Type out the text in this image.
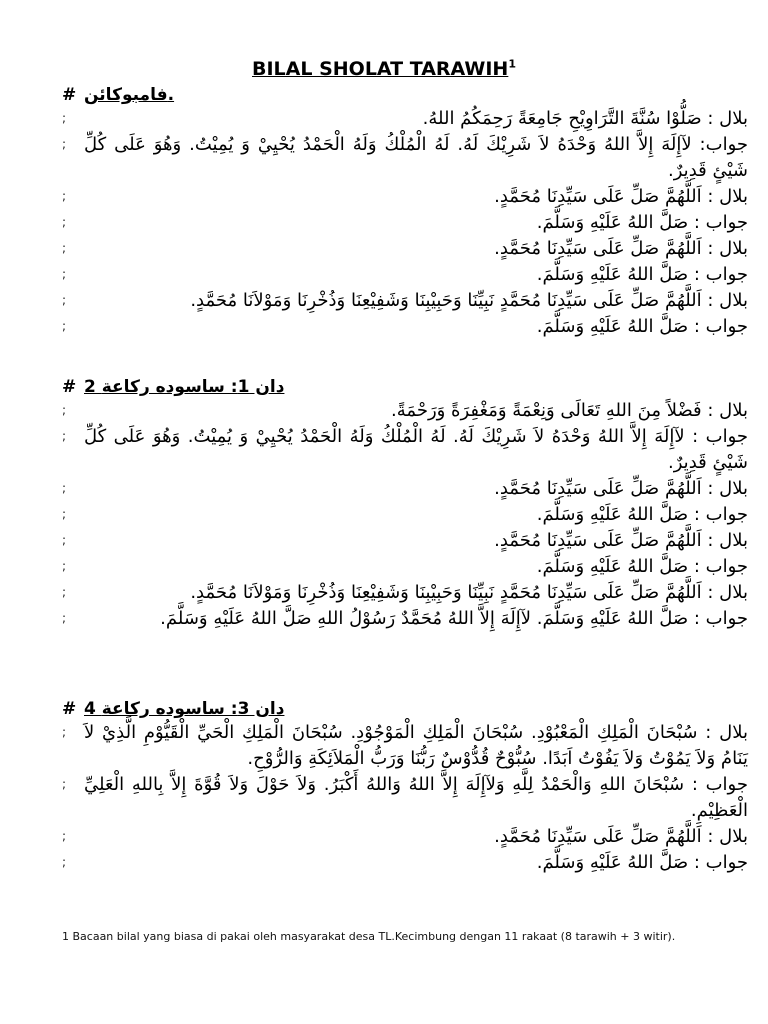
BILAL SHOLAT TARAWIH$^1$
# فامبوكائن.
;	بلال : صَلُّوْا سُنَّةَ التَّرَاوِيْحِ جَامِعَةً رَحِمَكُمُ اللهُ.
; جواب: لآإِلَهَ إِلاَّ اللهُ وَحْدَهُ لاَ شَرِيْكَ لَهُ. لَهُ الْمُلْكُ وَلَهُ الْحَمْدُ يُحْيِيْ وَ يُمِيْتُ. وَهُوَ عَلَى كُلِّ شَيْئٍ قَدِيرٌ.
;	بلال : اَللَّهُمَّ صَلِّ عَلَى سَيِّدِنَا مُحَمَّدٍ.
;	جواب : صَلَّ اللهُ عَلَيْهِ وَسَلَّمَ.
;	بلال : اَللَّهُمَّ صَلِّ عَلَى سَيِّدِنَا مُحَمَّدٍ.
;	جواب : صَلَّ اللهُ عَلَيْهِ وَسَلَّمَ.
;	بلال : اَللَّهُمَّ صَلِّ عَلَى سَيِّدِنَا مُحَمَّدٍ نَبِيِّنَا وَحَبِيْبِنَا وَشَفِيْعِنَا وَذُخْرِنَا وَمَوْلاَنَا مُحَمَّدٍ.
;	جواب : صَلَّ اللهُ عَلَيْهِ وَسَلَّمَ.
# 2 دان 1: ساسوده ركاعة
;	بلال : فَضْلاً مِنَ اللهِ تَعَالَى وَنِعْمَةً وَمَغْفِرَةً وَرَحْمَةً.
; جواب : لآإِلَهَ إِلاَّ اللهُ وَحْدَهُ لاَ شَرِيْكَ لَهُ. لَهُ الْمُلْكُ وَلَهُ الْحَمْدُ يُحْيِيْ وَ يُمِيْتُ. وَهُوَ عَلَى كُلِّ شَيْئٍ قَدِيرٌ.
;	بلال : اَللَّهُمَّ صَلِّ عَلَى سَيِّدِنَا مُحَمَّدٍ.
;	جواب : صَلَّ اللهُ عَلَيْهِ وَسَلَّمَ.
;	بلال : اَللَّهُمَّ صَلِّ عَلَى سَيِّدِنَا مُحَمَّدٍ.
;	جواب : صَلَّ اللهُ عَلَيْهِ وَسَلَّمَ.
;	بلال : اَللَّهُمَّ صَلِّ عَلَى سَيِّدِنَا مُحَمَّدٍ نَبِيِّنَا وَحَبِيْبِنَا وَشَفِيْعِنَا وَذُخْرِنَا وَمَوْلاَنَا مُحَمَّدٍ.
;	جواب : صَلَّ اللهُ عَلَيْهِ وَسَلَّمَ. لآإِلَهَ إِلاَّ اللهُ مُحَمَّدٌ رَسُوْلُ اللهِ صَلَّ اللهُ عَلَيْهِ وَسَلَّمَ.
# 4 دان 3: ساسوده ركاعة
; بلال : سُبْحَانَ الْمَلِكِ الْمَعْبُوْدِ. سُبْحَانَ الْمَلِكِ الْمَوْجُوْدِ. سُبْحَانَ الْمَلِكِ الْحَيِّ الْقَيُّوْمِ الَّذِيْ لاَ يَنَامُ وَلاَ يَمُوْتُ وَلاَ يَفُوْتُ اَبَدًا. سُبُّوْحٌ قُدُّوْسٌ رَبُّنَا وَرَبُّ الْمَلاَئِكَةِ وَالرُّوْحِ.
; جواب : سُبْحَانَ اللهِ وَالْحَمْدُ لِلَّهِ وَلآإِلَهَ إِلاَّ اللهُ وَاللهُ أَكْبَرُ. وَلاَ حَوْلَ وَلاَ قُوَّةَ إِلاَّ بِاللهِ الْعَلِيِّ الْعَظِيْمِ.
;	بلال : اَللَّهُمَّ صَلِّ عَلَى سَيِّدِنَا مُحَمَّدٍ.
;	جواب : صَلَّ اللهُ عَلَيْهِ وَسَلَّمَ.
1 Bacaan bilal yang biasa di pakai oleh masyarakat desa TL.Kecimbung dengan 11 rakaat (8 tarawih + 3 witir).
